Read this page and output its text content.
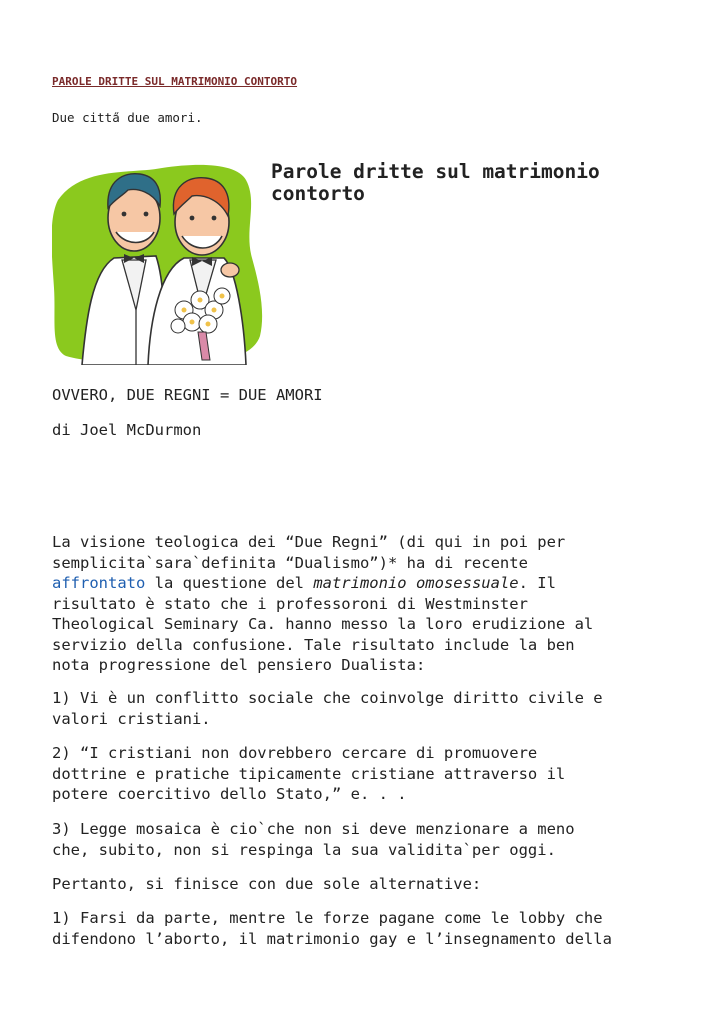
PAROLE DRITTE SUL MATRIMONIO CONTORTO
Due citta̋ due amori.
Parole dritte sul matrimonio contorto

OVVERO, DUE REGNI = DUE AMORI

di Joel McDurmon

La visione teologica dei “Due Regni” (di qui in poi per
semplicita`sara`definita “Dualismo”)* ha di recente
affrontato la questione del matrimonio omosessuale. Il
risultato è stato che i professoroni di Westminster
Theological Seminary Ca. hanno messo la loro erudizione al
servizio della confusione. Tale risultato include la ben
nota progressione del pensiero Dualista:

1) Vi è un conflitto sociale che coinvolge diritto civile e
valori cristiani.

2) “I cristiani non dovrebbero cercare di promuovere
dottrine e pratiche tipicamente cristiane attraverso il
potere coercitivo dello Stato,” e. . .

3) Legge mosaica è cio`che non si deve menzionare a meno
che, subito, non si respinga la sua validita`per oggi.

Pertanto, si finisce con due sole alternative:

1) Farsi da parte, mentre le forze pagane come le lobby che
difendono l’aborto, il matrimonio gay e l’insegnamento della
